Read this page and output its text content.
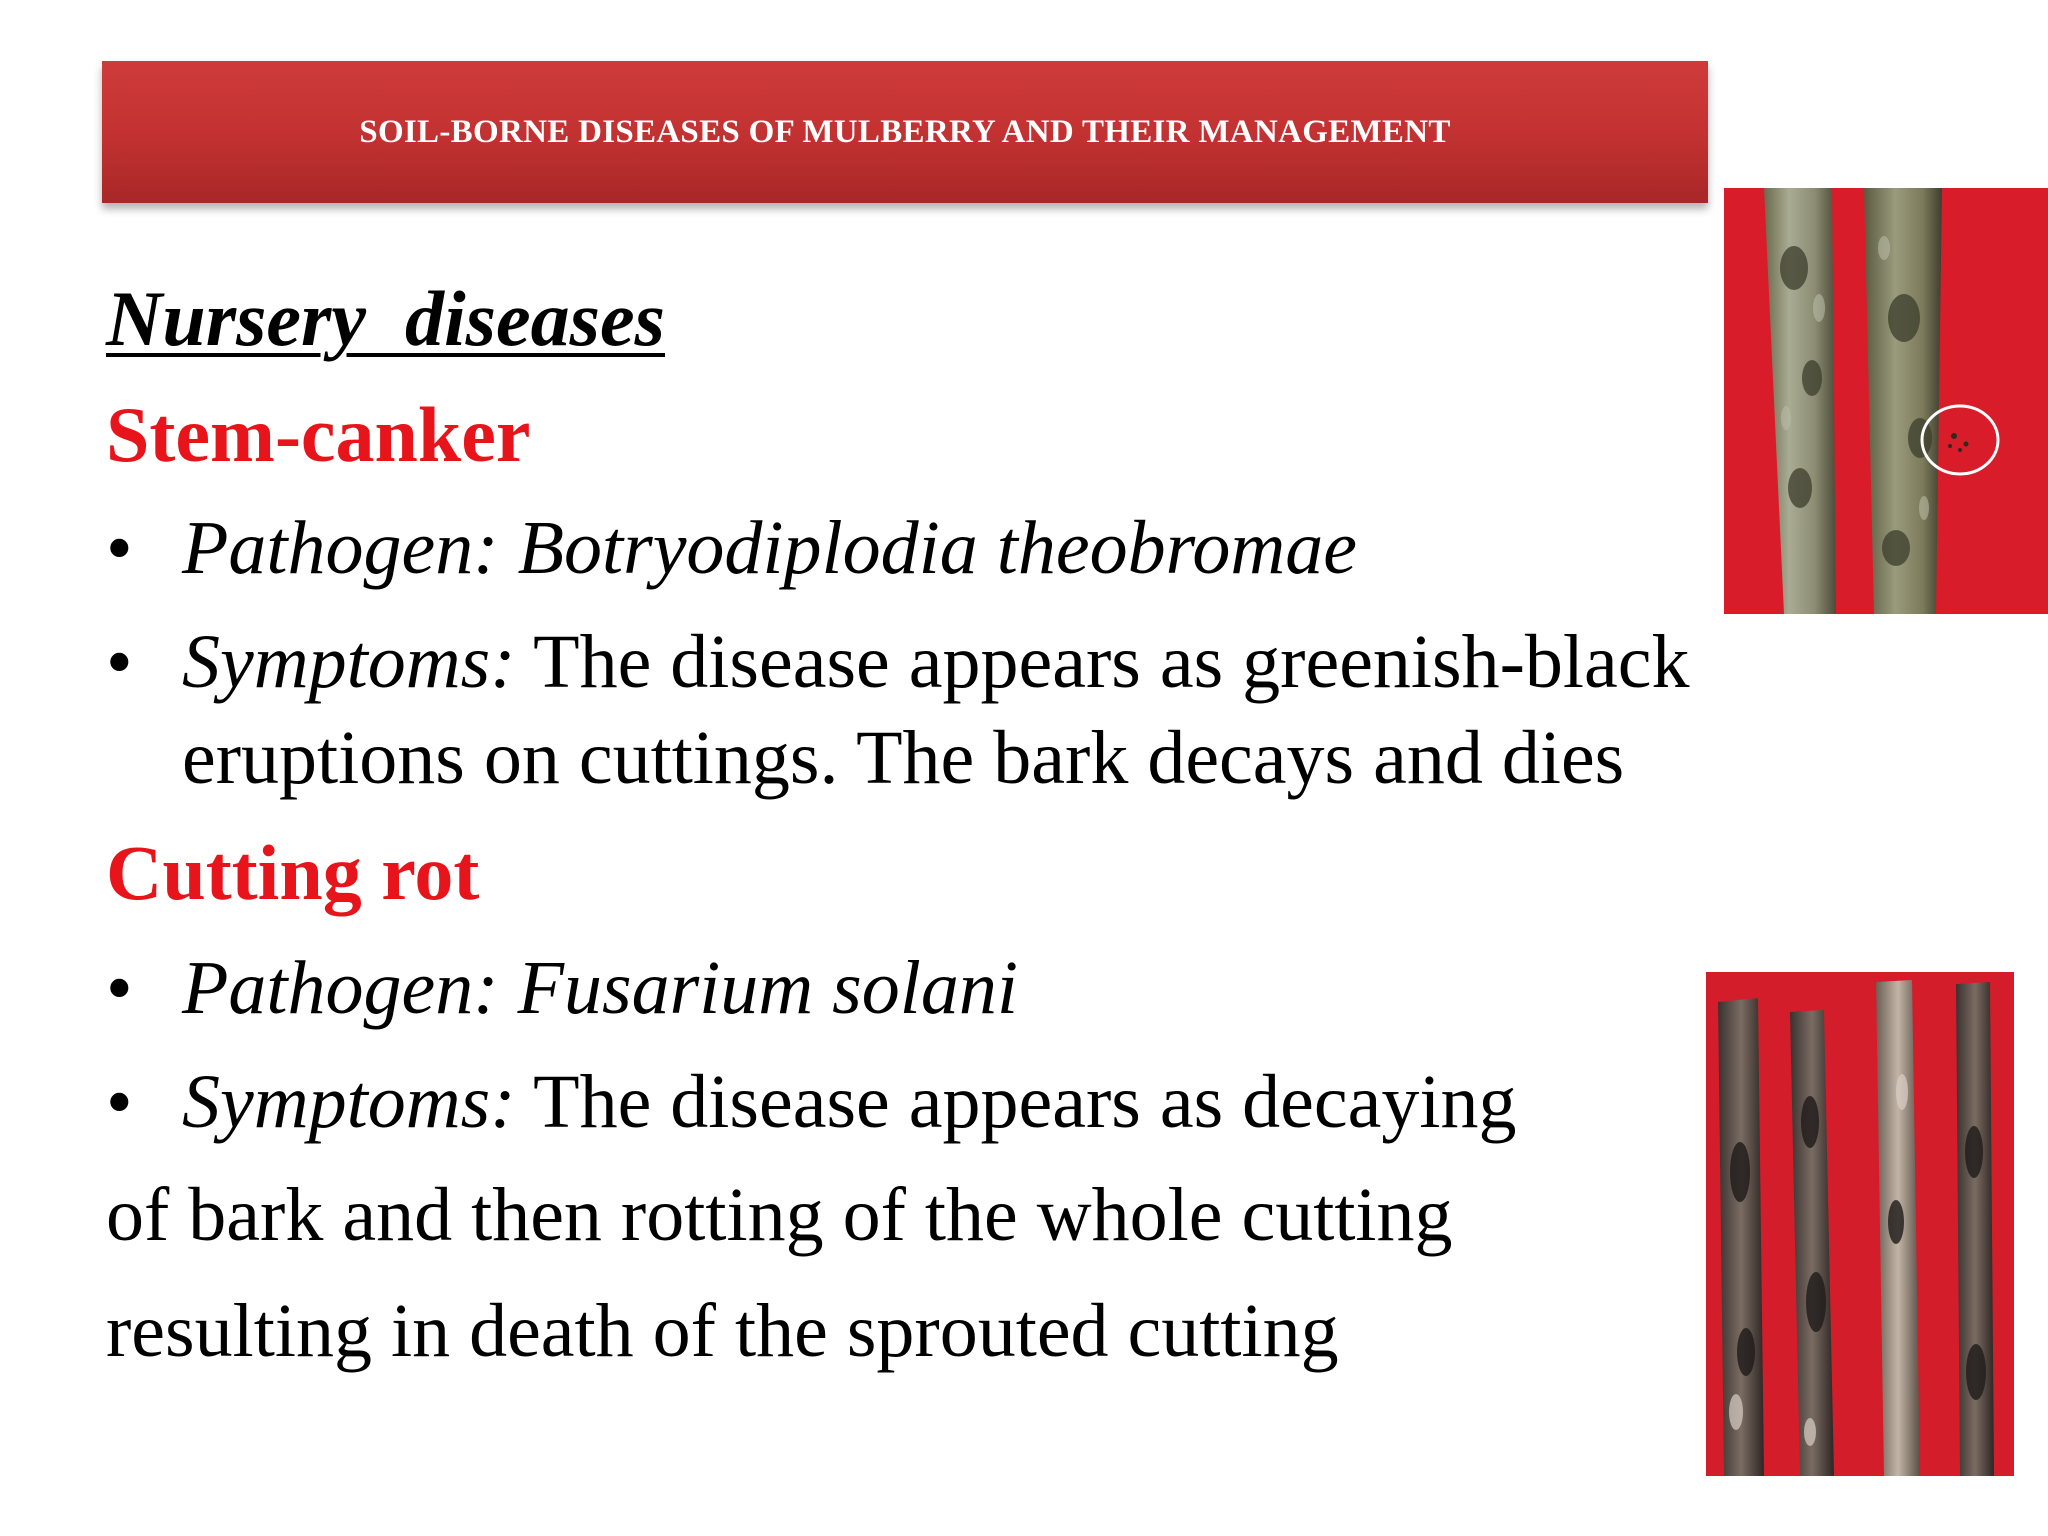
SOIL-BORNE DISEASES OF MULBERRY AND THEIR MANAGEMENT
Nursery  diseases
Stem-canker
• Pathogen: Botryodiplodia theobromae
• Symptoms: The disease appears as greenish-black
eruptions on cuttings. The bark decays and dies
Cutting rot
• Pathogen: Fusarium solani
• Symptoms: The disease appears as decaying
of bark and then rotting of the whole cutting
resulting in death of the sprouted cutting
